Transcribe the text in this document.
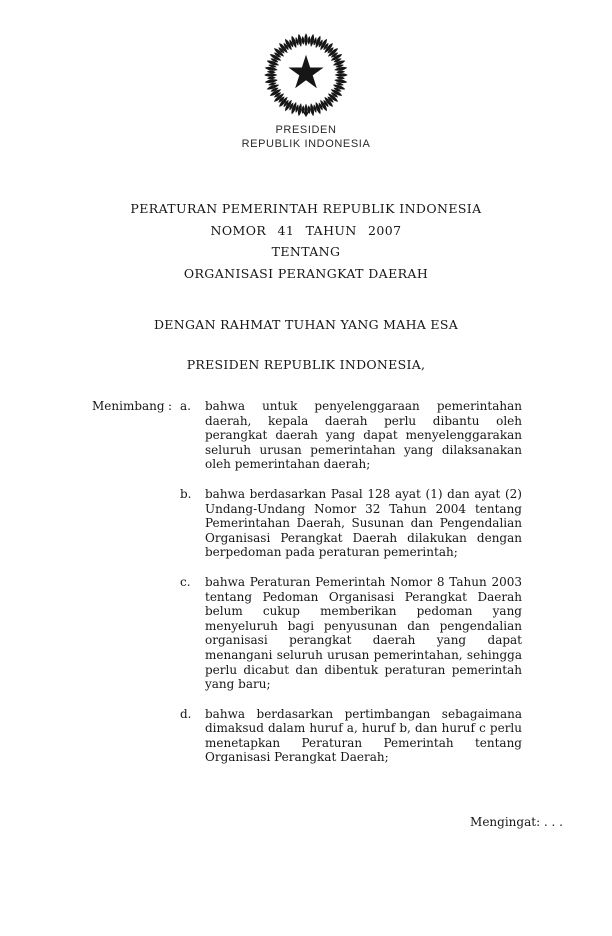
PRESIDEN
REPUBLIK INDONESIA
PERATURAN PEMERINTAH REPUBLIK INDONESIA
NOMOR 41 TAHUN 2007
TENTANG
ORGANISASI PERANGKAT DAERAH
DENGAN RAHMAT TUHAN YANG MAHA ESA
PRESIDEN REPUBLIK INDONESIA,
Menimbang : a.	bahwa untuk penyelenggaraan pemerintahan daerah, kepala daerah perlu dibantu oleh perangkat daerah yang dapat menyelenggarakan seluruh urusan pemerintahan yang dilaksanakan oleh pemerintahan daerah;
b.	bahwa berdasarkan Pasal 128 ayat (1) dan ayat (2) Undang-Undang Nomor 32 Tahun 2004 tentang Pemerintahan Daerah, Susunan dan Pengendalian Organisasi Perangkat Daerah dilakukan dengan berpedoman pada peraturan pemerintah;
c.	bahwa Peraturan Pemerintah Nomor 8 Tahun 2003 tentang Pedoman Organisasi Perangkat Daerah belum cukup memberikan pedoman yang menyeluruh bagi penyusunan dan pengendalian organisasi perangkat daerah yang dapat menangani seluruh urusan pemerintahan, sehingga perlu dicabut dan dibentuk peraturan pemerintah yang baru;
d.	bahwa berdasarkan pertimbangan sebagaimana dimaksud dalam huruf a, huruf b, dan huruf c perlu menetapkan Peraturan Pemerintah tentang Organisasi Perangkat Daerah;
Mengingat: . . .
